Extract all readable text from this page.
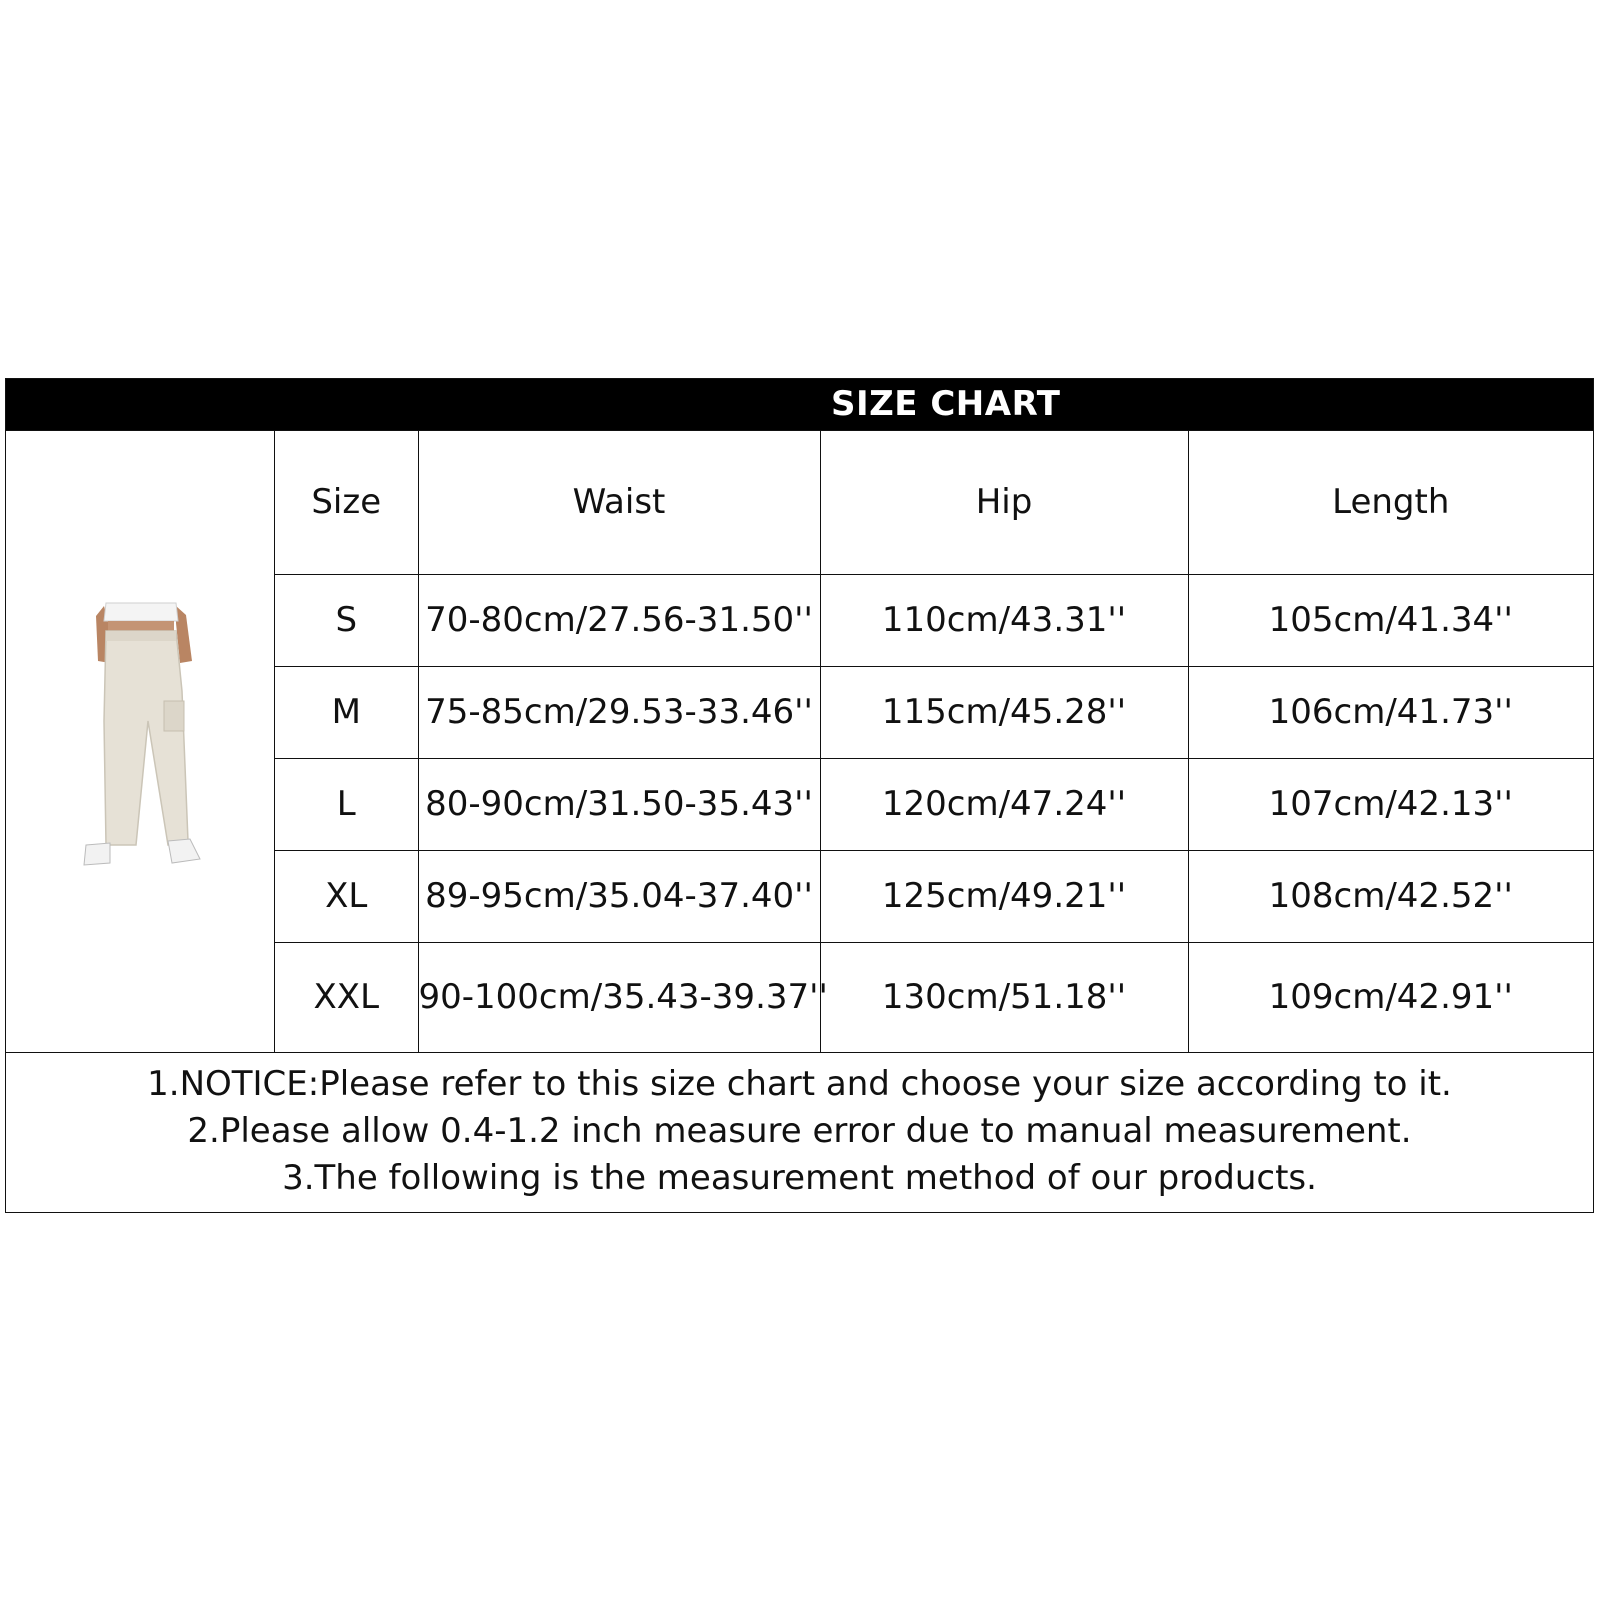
SIZE CHART
Size	Waist	Hip	Length
S	70-80cm/27.56-31.50''	110cm/43.31''	105cm/41.34''
M	75-85cm/29.53-33.46''	115cm/45.28''	106cm/41.73''
L	80-90cm/31.50-35.43''	120cm/47.24''	107cm/42.13''
XL	89-95cm/35.04-37.40''	125cm/49.21''	108cm/42.52''
XXL	90-100cm/35.43-39.37''	130cm/51.18''	109cm/42.91''
1.NOTICE:Please refer to this size chart and choose your size according to it.
2.Please allow 0.4-1.2 inch measure error due to manual measurement.
3.The following is the measurement method of our products.
